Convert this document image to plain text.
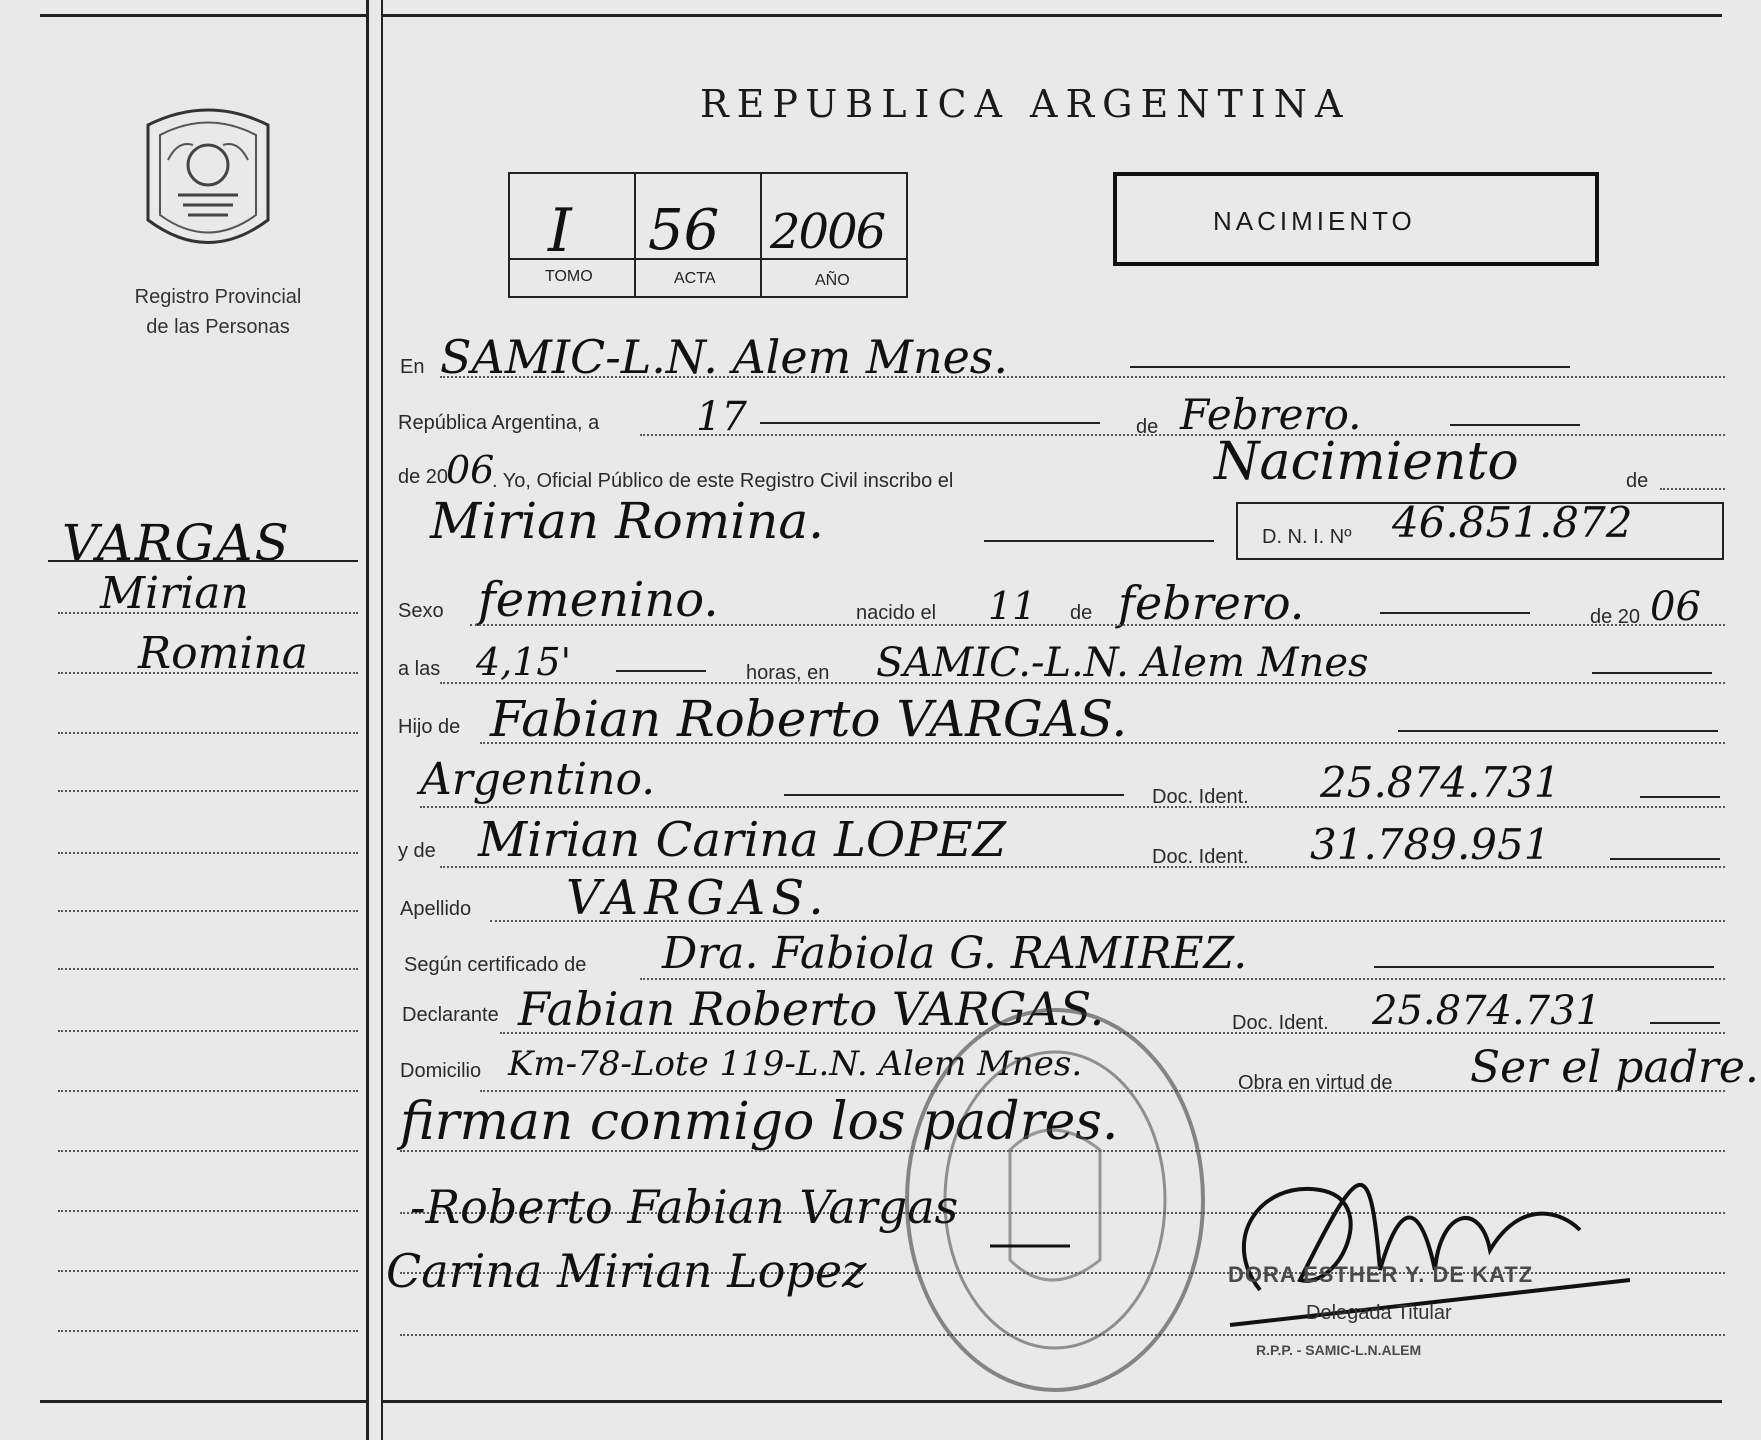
Registro Provincial
de las Personas
VARGAS
Mirian
Romina
REPUBLICA ARGENTINA
I 56 2006
TOMO	ACTA	AÑO
NACIMIENTO
En SAMIC-L.N. Alem Mnes.
República Argentina, a 17	de Febrero.
de 20
06
. Yo, Oficial Público de este Registro Civil inscribo el	Nacimiento	de
Mirian Romina.	D. N. I. Nº 46.851.872
Sexo femenino.	nacido el 11 de febrero.	de 20 06
a las 4,15'	horas, en SAMIC.-L.N. Alem Mnes
Hijo de Fabian Roberto VARGAS.
Argentino.	Doc. Ident. 25.874.731
y de Mirian Carina LOPEZ	Doc. Ident. 31.789.951
Apellido VARGAS.
Según certificado de Dra. Fabiola G. RAMIREZ.
Declarante Fabian Roberto VARGAS.	Doc. Ident. 25.874.731
Domicilio Km-78-Lote 119-L.N. Alem Mnes.	Obra en virtud de Ser el padre.
firman conmigo los padres.
-Roberto Fabian Vargas
Carina Mirian Lopez	DORA ESTHER Y. DE KATZ
Delegada Titular
R.P.P. - SAMIC-L.N.ALEM
